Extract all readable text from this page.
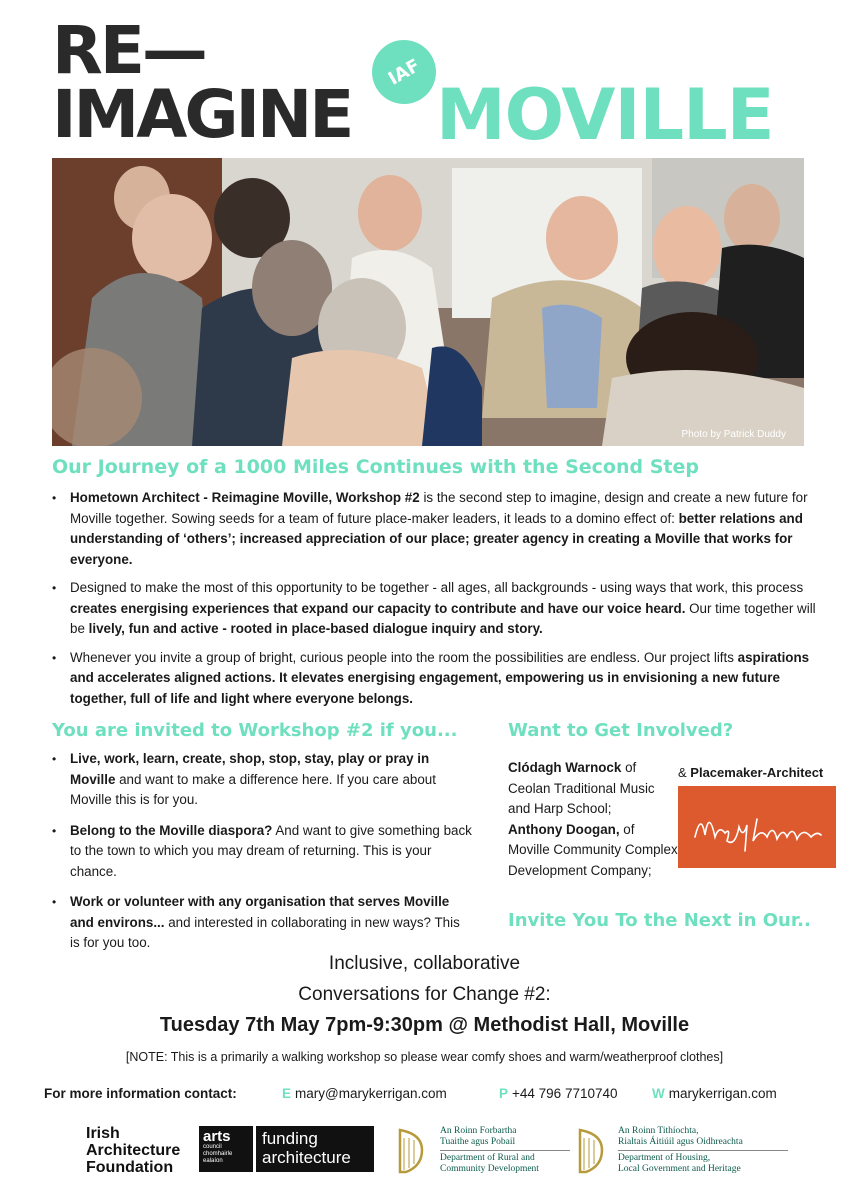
RE—
IMAGINE
IAF
MOVILLE
Photo by Patrick Duddy
Our Journey of a 1000 Miles Continues with the Second Step
• Hometown Architect - Reimagine Moville, Workshop #2 is the second step to imagine, design and create a new future for Moville together. Sowing seeds for a team of future place-maker leaders, it leads to a domino effect of: better relations and understanding of ‘others’; increased appreciation of our place; greater agency in creating a Moville that works for everyone.
• Designed to make the most of this opportunity to be together - all ages, all backgrounds - using ways that work, this process creates energising experiences that expand our capacity to contribute and have our voice heard. Our time together will be lively, fun and active - rooted in place-based dialogue inquiry and story.
• Whenever you invite a group of bright, curious people into the room the possibilities are endless. Our project lifts aspirations and accelerates aligned actions. It elevates energising engagement, empowering us in envisioning a new future together, full of life and light where everyone belongs.
You are invited to Workshop #2 if you...
• Live, work, learn, create, shop, stop, stay, play or pray in Moville and want to make a difference here. If you care about Moville this is for you.
• Belong to the Moville diaspora? And want to give something back to the town to which you may dream of returning. This is your chance.
• Work or volunteer with any organisation that serves Moville and environs... and interested in collaborating in new ways? This is for you too.
Want to Get Involved?
Clódagh Warnock of Ceolan Traditional Music and Harp School;
Anthony Doogan, of Moville Community Complex Development Company;
& Placemaker-Architect
Invite You To the Next in Our..
Inclusive, collaborative
Conversations for Change #2:
Tuesday 7th May 7pm-9:30pm @ Methodist Hall, Moville
[NOTE: This is a primarily a walking workshop so please wear comfy shoes and warm/weatherproof clothes]
For more information contact:	E mary@marykerrigan.com	P +44 796 7710740	W marykerrigan.com
Irish
Architecture
Foundation
arts
council
chomhairle
ealaíon
funding
architecture
An Roinn Forbartha
Tuaithe agus Pobail
Department of Rural and
Community Development
An Roinn Tithíochta,
Rialtais Áitiúil agus Oidhreachta
Department of Housing,
Local Government and Heritage
